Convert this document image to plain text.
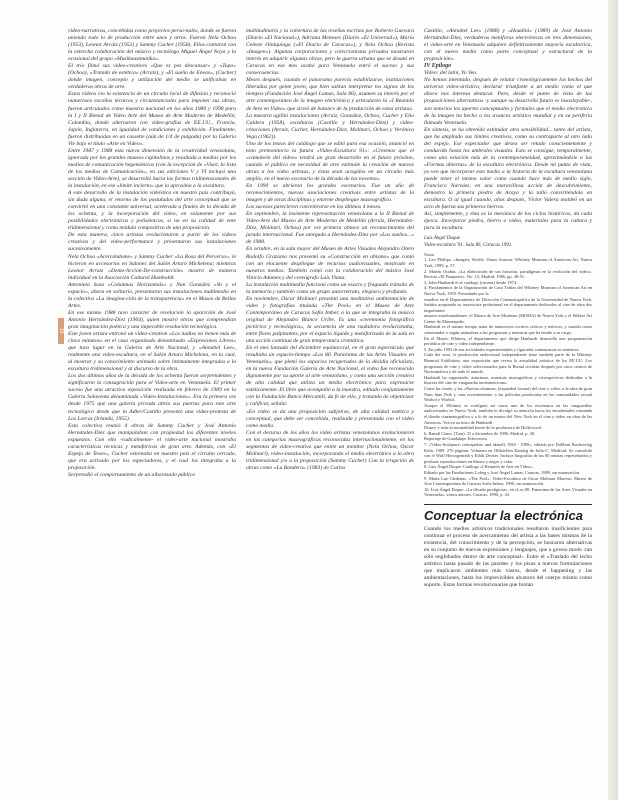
10

video-narrativas, concebidas como proyectos perso-nales, donde se fueron uniendo todo lo de producción entre unos y otros. Fueron Nela Ochoa (1953), Leonor Arráiz (1952) y Sammy Cucher (1958). Ellos contaron con la estrecha colaboración del músico y tecnólogo Miguel Ángel Noya y la ocasional del grupo «Musikaustmatika».

El trío filmó sus video-creatives «Que es pez descansar» y «Topo» (Ochoa), «Tratado de estética» (Arraiz), y «El sueño de Eneas», (Cucher) donde imagen, concepto y utilización del medio se unificaban en verdaderas obras de arte.

Estos videos vio la existencia de un circuito local de difusión y reconoció numerosos escollos técnicos y circunstanciales para imponer sus obras, fueron articulados como muestra nacional en los años 1980 y 1998 para la I y II Bienal de Video Arte del Museo de Arte Moderno de Medellín, Colombia, donde alternaron con video-grafías de EE.UU., Francia, Japón, Inglaterra, en igualdad de condiciones y exhibición. Finalmente, fueron distribuidas en un cassette (aún de 1/4 de pulgada) por la Galería Vie bajo el título «Arte en Video».

Entre 1987 y 1988 esta nueva dimensión de la creatividad venezolana, ignorada por los grandes museos capitalinos y resaltada a medias por los medios de comunicación hegemónicos (con la excepción de «Visor, la lista de los medios de Comunicación», en sus ediciones V y VI incluyó una sección de Video-Arte), se desarrolló hacia las formas tridimensionales de la instalación, en ese «límite incierto» que la aproxima a la escultura.

A este desarrollo de la instalación videística en nuestro país contribuyó, sin duda alguna, el retorno de los postulados del arte conceptual que se convirtió en una constante universal, acelerada a finales de la década de los ochenta, y la incorporación del video, en solamente por sus posibilidades electrónicas y polisémicas, si no en su calidad de ente tridimensional y como módulo compositivo de una proposición.

De esta manera, cinco artistas evolucionaron a partir de los videos creativos y del video-performance y presentaron sus instalaciones sucesivamente.

Nela Ochoa «Acercándome» y Sammy Cucher «La Rosa del Perverso». le hicieron en accesorios en Salones del Salón Arturo Michelena; mientras Leonor Arraiz «Demo-licción-De-construcción» mostró de manera individual en la Asociación Cultural Humboldt.

Antonieta Sosa «Columnas Horizontals» y Nan González «Yo y el espacio», ahora en solitario, presentaron sus instalaciones multimedia en la colectiva «La imagina-ción de la transparencia» en el Museo de Bellas Artes.

En ese mismo 1988 tuvo carácter de revelación la aparición de José Antonio Hernández-Díez (1964), quien mostró obras que comprendían gran imaginación poética y una impecable resolución tecnológica.

Este joven artista entronó un video-creation «Los nadies no tienen más de cinco minutos» en el caso organizado denominado «Expresiones Libres» que tuvo lugar en la Galería de Arte Nacional, y «Annabel Lee», realmente una video-escultura, en el Salón Arturo Michelena, en la cual, al mostrar y su conocimiento animado sobre intimamente integrados a la escultura tridimensional y al discurso de la obra.

Los dos últimos años de la década de los ochenta fueron sorprendentes y significaron la consagración para el Video-arte en Venezuela. El primer suceso fue una atractiva exposición realizada en febrero de 1989 en la Galería Solaventa denominada «Video-Instalaciones». Era la primera vez desde 1975 que una galería privada abría sus puertas para este arte tecnológico desde que la Adler/Castillo presentó una video-protesta de Los Lorcas (Irlanda, 1955).

Esta colectiva reunió 4 obras de Sammy Cucher y José Antonio Hernández-Díez que manipulaban con propiedad los diferentes niveles expuestos. Con ello -radicalmente- el video-arte nacional mostraba características técnicas y metafóricas de gran arte. Además, con «El Espejo de Teseo», Cucher estrenaba en nuestro país el circuito cerrado, que era activado por los espectadores, y el cual los integraba a la proposición.

Sorprendió el comportamiento de un alborozado público

multitudinario y la cobertura de las reseñas escritas por Roberto Guevara (Diario «El Nacional»), Adriana Meneses (Diario «El Universal»), María Celeste Olalquiaga («El Diario de Caracas»), y Nela Ochoa (Revista «Imagen»). Algunas corporaciones y coleccionistas privados mostraron interés en adquirir algunas obras, pero la guerra urbana que se desató en Caracas en ese mes acabó para Venezuela entró el suceso y sus consecuencias.

Meses después, cuando el panorama parecía estabilizarse, instituciones liberadas por gente joven, que bien sabían interpretar los signos de los tiempos (Fundación José Ángel Lamas, Sala 86), asumen su interés por el arte contemporáneo de la imagen electrónica y articularon la «I Reunión de Arte en Video» que sirvió de balance de la producción de estos artistas.

La muestra agilitó instalaciones (Arraiz, González, Ochoa, Cucher y Elio Caldera (1958), esculturas (Castillo y Hernández-Díez) y video-creaciones (Arraiz, Cucher, Hernández-Díez, Molinari, Ochoa y Verónica Vega (1962)).

Uno de los textos del catálogo que se editó para esa ocasión, anunció en tono premonitorio la futura «Video-Escultura 91»: «Creemos que el «camaleón del video» tendrá un gran desarrollo en el futuro próximo, cuando el público en necesidad de arte estimule la creación de nuevas obras a los video artistas, y éstas sean acogidos en un circuito más amplio, en el nuevo escenario de la década de los noventa».

En 1990 se abrieron los grandes escenarios. Fue un año de reconocimientos, nuevas asociaciones creativas entre artistas de la imagen y de otras disciplinas y enorme despliegue museográfico.

Los sucesos parecieron concentrarse en los últimos 4 meses.

En septiembre, la insistente representación venezolana a la II Bienal de Video-Arte del Museo de Arte Moderno de Medellín (Arraiz, Hernández-Díez, Molinari, Ochoa) por vez primera obtuvo un reconocimiento del jurado internacional. Fue otorgado a Hernández-Díez por «Los sueños...» de 1988.

En octubre, en la sala mayor del Museo de Artes Visuales Alejandro Otero Rodolfo Graziano nos presentó su «Construcción en abismo» que contó con un elocuente despliegue de recursos audiovisuales, mostrado en nuestros medios. También contó con la colaboración del músico José Vinicio Adames y del coreógrafo Luis Viana.

La instalación multimedia funcionó como un exacto y fraguado tránsito de la memoria y también como un grupo autorretrato, elegíaco y profundo.

En noviembre, Oscar Molinari presentó una meditativa ambientación de video y fotografías titulada «The Pool» en el Museo de Arte Contemporáneo de Caracas Sofía Imber, a la que se integraba la música original de Alejandro Blanco Uribe. Es una «ceremonia fotográfica pictórica y tecnológica», la secuencia de una nadadora evolucionaba, entre flores palpitantes, por el espacio líquido y metaforizado de la sala en una acción continua de gran temperatura cromática.

En el mes lanzado del diciembre equinoccial, en el gran espectáculo que resultaba un espacio-tiempo «Los 80. Panorama de las Artes Visuales en Venezuela», que plenó los espacios recuperados de la desidia oficialista, en la nueva Fundación Galería de Arte Nacional, el video fue reconocido dignamente por su aporte al arte venezolano, y como una sección creativa de alta calidad que utiliza un medio electrónico para expresarse estéticamente. El libro que acompañó a la muestra, editado conjuntamente con la Fundación Banco Mercantil, da fe de ello, y tratando de objetivizar y calificar, señala:

«En video se da una proposición subjetiva, de alta calidad estética y conceptual, que debe ser concebida, realizada y presentada con el video como medio.

Con el decurso de los años los video artistas venezolanos evolucionaron en las categorías museográficas reconocidas internacionalmente, en los segmentos de video-creativo que emite un monitor (Nela Ochoa, Oscar Molinari), video-instalación, incorporando el medio electrónico a la obra tridimensional y/o a la proposición (Sammy Cucher) Con la irrupción de obras como «La Bandera» (1983) de Carlos

Castillo, «Annabel Lee» (1988) y «Houdini» (1989) de José Antonio Hernández-Díez, verdaderas metáforas electrónicas en tres dimensiones, el video-arte en Venezuela adquiere definitivamente mayoría escultórica, con el nuevo medio como parte conceptual y estructural de la proposición».

IV Epílogo

Video: del latín, Yo Veo.

No hemos intentado, después de relatar cronológicamente los hechos del universo video-artístico, declarar triunfante a un medio como el que ahora nos interesa destacar. Pero, desde el punto de vista de las proposiciones alternativas -y aunque su desarrollo futuro es insoslayable-, son notorios los aportes conceptuales y formales que el medio electrónico de la imagen ha hecho a los avances artístico mundial y en su periferia llamada Venezuela.

En síntesis, se ha obtenido estimular otra sensibilidad... tanto del artista, que ha ampliado sus límites creativos, como su contraparte al otro lado del espejo. Ese espectador que desea ser retado conscientemente y conducido hasta los umbrales visuales. Esto se consigue, temporalmente, como una estación más de la contemporaneidad, aproximándole a las «Formas abiertas» de la escultura electrónica. Desde mi punto de vista, yo veo que incorporar este medio a la historia de la escultura venezolana puede tener el mismo valor como cuando hace más de medio siglo, Francisco Narváez, en una maravillosa acción de descubrimiento, demostró la primera piedra de Araya y la talló convirtiéndola en escultura. O al igual cuando, años después, Víctor Valera moldeó en un acto de fuerza sus primeros hierros.

Así, simplemente, y ésta es la mecánica de los ciclos históricos, da cada época. Incorporar piedra, hierro o video, materiales para la cultura y para la escultura.

Luis Ángel Duque
Video-escultura '91. Sala 86, Caracas 1991.
Notas
1. Leo Phillips. «Imagery World» Varias Autoras: Whitney Museum of American Art. Nueva York, 1989, p. 57.
2. Martín Ocañas. «La elaboración de sus historias, paradigmas en la evolución del video». Revista «El Pasaporte». No. 13, Madrid, 1986, pp. 48-51.
3. John Hanhardt et al catálogo (current) desde 1974.
4. Fundamentos de la Organización de Caso Tobías del Whitney Museum of American Art en Nueva York, 1993. Presentado por la
estudios en el Departamento de Dirección Cinematográfica de la Universidad de Nueva York. Sadako aceptando su trayectoria profesional en el departamento dedicados al cine de obra dos importantes
museos estadounidenses: el Museo de Arte Moderno (MOMA) de Nueva York y el Walker Art Center de Minneapolis.
Hanhardt es el mismo tiempo autor de numerosos escritos críticos y teóricos, y cuando como comentador o según naturaleza a los programas y muestras que ha tenido a su cargo.
En el Museo Whitney, el departamento que dirige Hanhardt desarrolla una programación periódica de cine y video independiente.
5. En julio 1993 de sus actividades experimentales y figuradas comenzaron su sentencia.
Cada día sexo, la producción audiovisual independiente tiene también parte de la Whitney Biennial Exhibition, una exposición que revisa la actualidad artística de los EE.UU. Los programas de cine y video seleccionados para la Bienal circulan después por otros centros de Norteamérica y de todo el mundo.
Hanhardt ha organizado, asimismo, muestras monográficas y retrospectivas dedicadas a la historia del cine de vanguardia norteamericano.
Como ha citado, y las «Nuevas alianzas» (expanded format) del cine y video, a la obra de gran Nam June Paik y, más recientemente, a las películas producidas en las comunidades sexual Warhol y Warhol.
Asuque el Whitney se configuró así como uno de los escenarios en las vanguardias audiovisuales en Nuevo York, también lo divulgó su atención hacia los encadenados comanda el diseño cinematográfico y a lo de un museo del New York en el cine y video en obra de las Americas. Vea en su texto de Hanhardt
Disney y toda la normalidad fuerte de la productora de Hollywood.
6. Ranuli Ciano. (Tam). 21 a diciembre de 1986, Madrid, p. 40.
Reportaje de Guadalupe Echeverría.
7. «Video-Sculpture: retrospektiv und aktuell, 1963 - 1989», editado por DuMont Buchverlag Köln, 1989. 270 páginas. Volumen en Offiziellen Katalog de Julio-C. Medford. Se consolidó con el Wulf Herzogenrath y Edith Decker. Incluye biografías de las 60 artistas representados y profusas reproducciones en blanco y negro y color.
8. Luis Ángel Duque: Catálogo «I Reunión de Arte en Video».
Editado por las Fundaciones Lobeg y José Ángel Lamas, Caracas, 1989, sin numeración.
9. María Luz Cárdenas. «The Pool». Video-Escultura de Oscar Molinari Marrero, Museo de Arte Contemporáneo de Caracas Sofía Imber, 1990, sin numeración.
10. Luis Ángel Duque. «La década prodigiosa». en «Los 80. Panorama de las Artes Visuales en Venezuela», varios autores. Caracas, 1990, p. 43.
Conceptuar la electrónica

Cuando los medios artísticos tradicionales resultaron insuficientes para continuar el proceso de acercamiento del artista a las bases mismas de la existencia, del conocimiento y de la percepción, se buscaron alternativas en su conjunto de nuevas expresiones y lenguajes, que a grosso modo -tan sólo englobados dentro de arte conceptual-. Entre el «Traslado del lecho artístico hasta pasado de las paredes y los pisos a nuevas formulaciones que implicaron ambientes más vastos, desde el happening y las ambientaciones, hasta los imprevisibles alcances del cuerpo mismo como soporte. Estas formas revolucionarias que brotan
